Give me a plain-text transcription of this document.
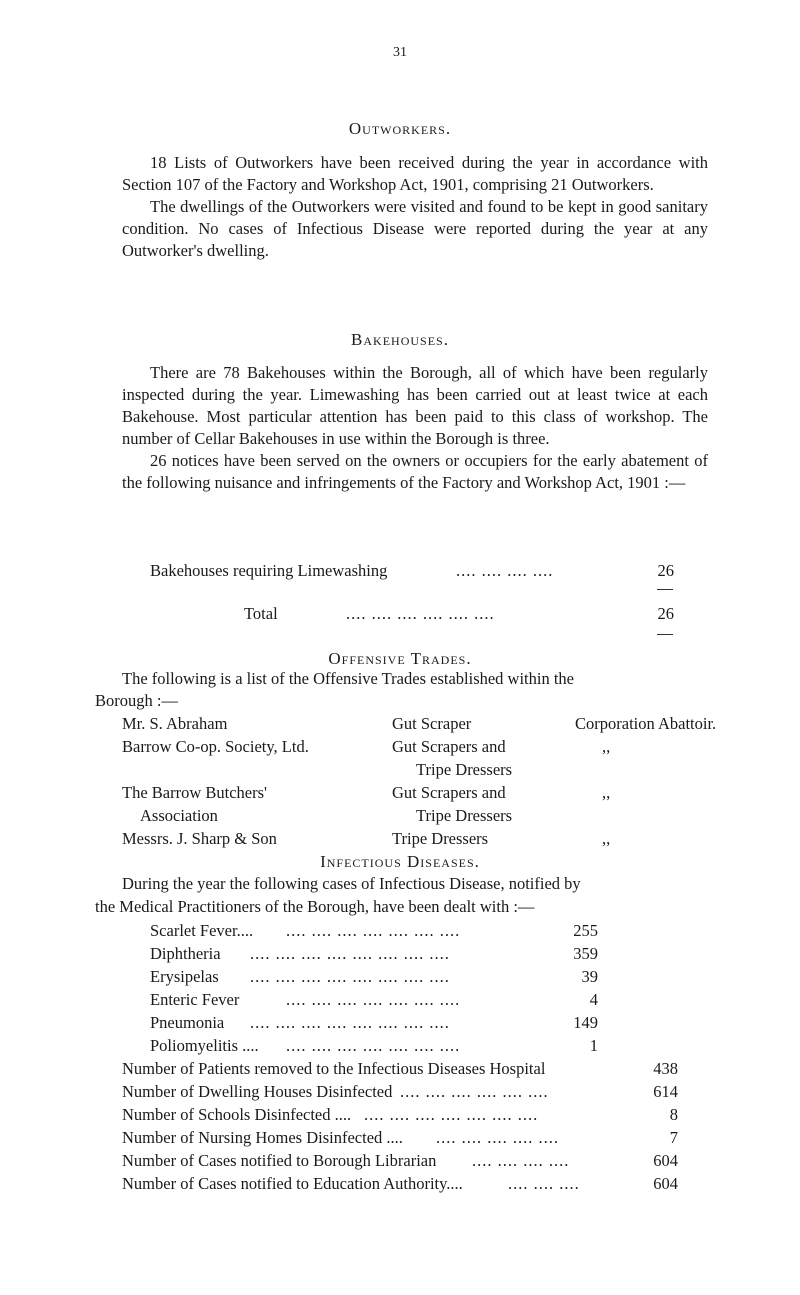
31
Outworkers.

18 Lists of Outworkers have been received during the year in accordance with Section 107 of the Factory and Workshop Act, 1901, comprising 21 Outworkers.

The dwellings of the Outworkers were visited and found to be kept in good sanitary condition. No cases of Infectious Disease were reported during the year at any Outworker's dwelling.

Bakehouses.

There are 78 Bakehouses within the Borough, all of which have been regularly inspected during the year. Limewashing has been carried out at least twice at each Bakehouse. Most particular attention has been paid to this class of workshop. The number of Cellar Bakehouses in use within the Borough is three.

26 notices have been served on the owners or occupiers for the early abatement of the following nuisance and infringements of the Factory and Workshop Act, 1901 :—

Bakehouses requiring Limewashing	.... .... .... ....	26
Total	.... .... .... .... .... ....	26
Offensive Trades.
The following is a list of the Offensive Trades established within the
Borough :—
Mr. S. Abraham	Gut Scraper	Corporation Abattoir.
Barrow Co-op. Society, Ltd.	Gut Scrapers and	,,
Tripe Dressers
The Barrow Butchers'	Gut Scrapers and	,,
Association	Tripe Dressers
Messrs. J. Sharp & Son	Tripe Dressers	,,
Infectious Diseases.
During the year the following cases of Infectious Disease, notified by
the Medical Practitioners of the Borough, have been dealt with :—
Scarlet Fever.... .... .... .... .... .... .... ....	255
Diphtheria .... .... .... .... .... .... .... ....	359
Erysipelas .... .... .... .... .... .... .... ....	39
Enteric Fever	.... .... .... .... .... .... ....	4
Pneumonia .... .... .... .... .... .... .... ....	149
Poliomyelitis .... .... .... .... .... .... .... ....	1
Number of Patients removed to the Infectious Diseases Hospital	438
Number of Dwelling Houses Disinfected .... .... .... .... .... ....	614
Number of Schools Disinfected .... .... .... .... .... .... .... ....	8
Number of Nursing Homes Disinfected .... .... .... .... .... ....	7
Number of Cases notified to Borough Librarian .... .... .... ....	604
Number of Cases notified to Education Authority....	.... .... ....	604
